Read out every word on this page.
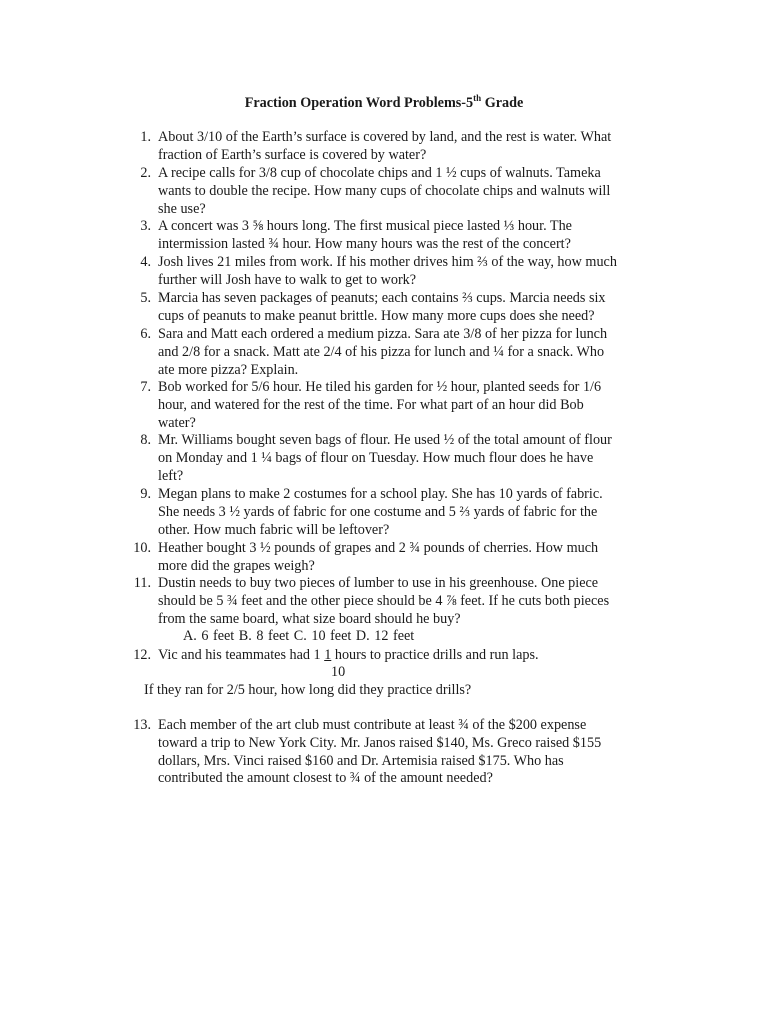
Fraction Operation Word Problems-5th Grade
1. About 3/10 of the Earth’s surface is covered by land, and the rest is water. What
fraction of Earth’s surface is covered by water?
2. A recipe calls for 3/8 cup of chocolate chips and 1 ½ cups of walnuts. Tameka
wants to double the recipe. How many cups of chocolate chips and walnuts will
she use?
3. A concert was 3 ⅝ hours long. The first musical piece lasted ⅓ hour. The
intermission lasted ¾ hour. How many hours was the rest of the concert?
4. Josh lives 21 miles from work. If his mother drives him ⅔ of the way, how much
further will Josh have to walk to get to work?
5. Marcia has seven packages of peanuts; each contains ⅔ cups. Marcia needs six
cups of peanuts to make peanut brittle. How many more cups does she need?
6. Sara and Matt each ordered a medium pizza. Sara ate 3/8 of her pizza for lunch
and 2/8 for a snack. Matt ate 2/4 of his pizza for lunch and ¼ for a snack. Who
ate more pizza? Explain.
7. Bob worked for 5/6 hour. He tiled his garden for ½ hour, planted seeds for 1/6
hour, and watered for the rest of the time. For what part of an hour did Bob
water?
8. Mr. Williams bought seven bags of flour. He used ½ of the total amount of flour
on Monday and 1 ¼ bags of flour on Tuesday. How much flour does he have
left?
9. Megan plans to make 2 costumes for a school play. She has 10 yards of fabric.
She needs 3 ½ yards of fabric for one costume and 5 ⅔ yards of fabric for the
other. How much fabric will be leftover?
10. Heather bought 3 ½ pounds of grapes and 2 ¾ pounds of cherries. How much
more did the grapes weigh?
11. Dustin needs to buy two pieces of lumber to use in his greenhouse. One piece
should be 5 ¾ feet and the other piece should be 4 ⅞ feet. If he cuts both pieces
from the same board, what size board should he buy?
A. 6 feet B. 8 feet C. 10 feet D. 12 feet
12. Vic and his teammates had 1 1 hours to practice drills and run laps.
10
If they ran for 2/5 hour, how long did they practice drills?
13. Each member of the art club must contribute at least ¾ of the $200 expense
toward a trip to New York City. Mr. Janos raised $140, Ms. Greco raised $155
dollars, Mrs. Vinci raised $160 and Dr. Artemisia raised $175. Who has
contributed the amount closest to ¾ of the amount needed?
